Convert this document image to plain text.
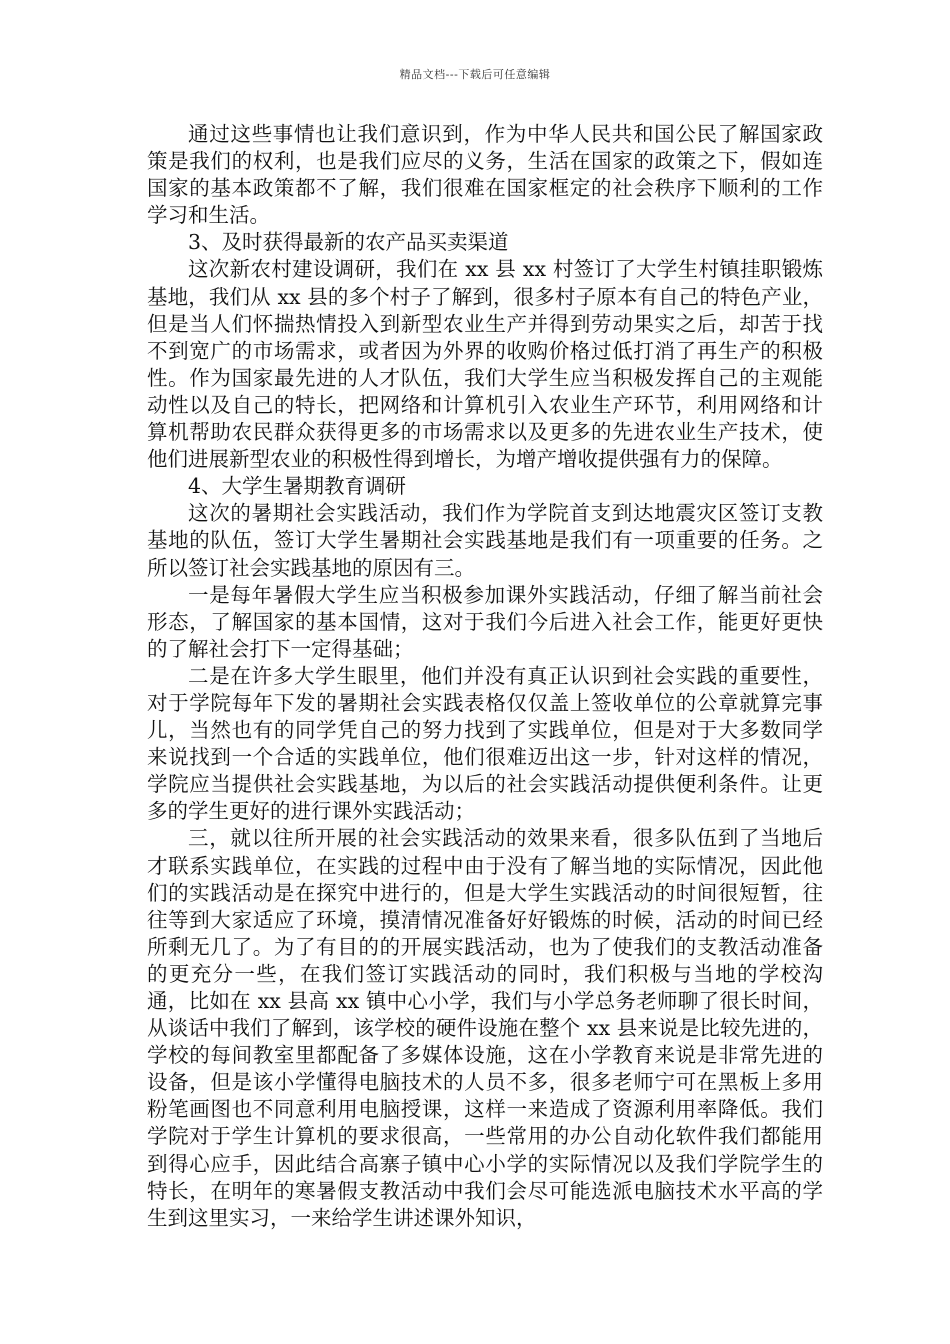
精品文档---下载后可任意编辑

通过这些事情也让我们意识到，作为中华人民共和国公民了解国家政策是我们的权利，也是我们应尽的义务，生活在国家的政策之下，假如连国家的基本政策都不了解，我们很难在国家框定的社会秩序下顺利的工作学习和生活。

3、及时获得最新的农产品买卖渠道

这次新农村建设调研，我们在 xx 县 xx 村签订了大学生村镇挂职锻炼基地，我们从 xx 县的多个村子了解到，很多村子原本有自己的特色产业，但是当人们怀揣热情投入到新型农业生产并得到劳动果实之后，却苦于找不到宽广的市场需求，或者因为外界的收购价格过低打消了再生产的积极性。作为国家最先进的人才队伍，我们大学生应当积极发挥自己的主观能动性以及自己的特长，把网络和计算机引入农业生产环节，利用网络和计算机帮助农民群众获得更多的市场需求以及更多的先进农业生产技术，使他们进展新型农业的积极性得到增长，为增产增收提供强有力的保障。

4、大学生暑期教育调研

这次的暑期社会实践活动，我们作为学院首支到达地震灾区签订支教基地的队伍，签订大学生暑期社会实践基地是我们有一项重要的任务。之所以签订社会实践基地的原因有三。

一是每年暑假大学生应当积极参加课外实践活动，仔细了解当前社会形态，了解国家的基本国情，这对于我们今后进入社会工作，能更好更快的了解社会打下一定得基础；

二是在许多大学生眼里，他们并没有真正认识到社会实践的重要性，对于学院每年下发的暑期社会实践表格仅仅盖上签收单位的公章就算完事儿，当然也有的同学凭自己的努力找到了实践单位，但是对于大多数同学来说找到一个合适的实践单位，他们很难迈出这一步，针对这样的情况，学院应当提供社会实践基地，为以后的社会实践活动提供便利条件。让更多的学生更好的进行课外实践活动；

三，就以往所开展的社会实践活动的效果来看，很多队伍到了当地后才联系实践单位，在实践的过程中由于没有了解当地的实际情况，因此他们的实践活动是在探究中进行的，但是大学生实践活动的时间很短暂，往往等到大家适应了环境，摸清情况准备好好锻炼的时候，活动的时间已经所剩无几了。为了有目的的开展实践活动，也为了使我们的支教活动准备的更充分一些，在我们签订实践活动的同时，我们积极与当地的学校沟通，比如在 xx 县高 xx 镇中心小学，我们与小学总务老师聊了很长时间，从谈话中我们了解到，该学校的硬件设施在整个 xx 县来说是比较先进的，学校的每间教室里都配备了多媒体设施，这在小学教育来说是非常先进的设备，但是该小学懂得电脑技术的人员不多，很多老师宁可在黑板上多用粉笔画图也不同意利用电脑授课，这样一来造成了资源利用率降低。我们学院对于学生计算机的要求很高，一些常用的办公自动化软件我们都能用到得心应手，因此结合高寨子镇中心小学的实际情况以及我们学院学生的特长，在明年的寒暑假支教活动中我们会尽可能选派电脑技术水平高的学生到这里实习，一来给学生讲述课外知识，
